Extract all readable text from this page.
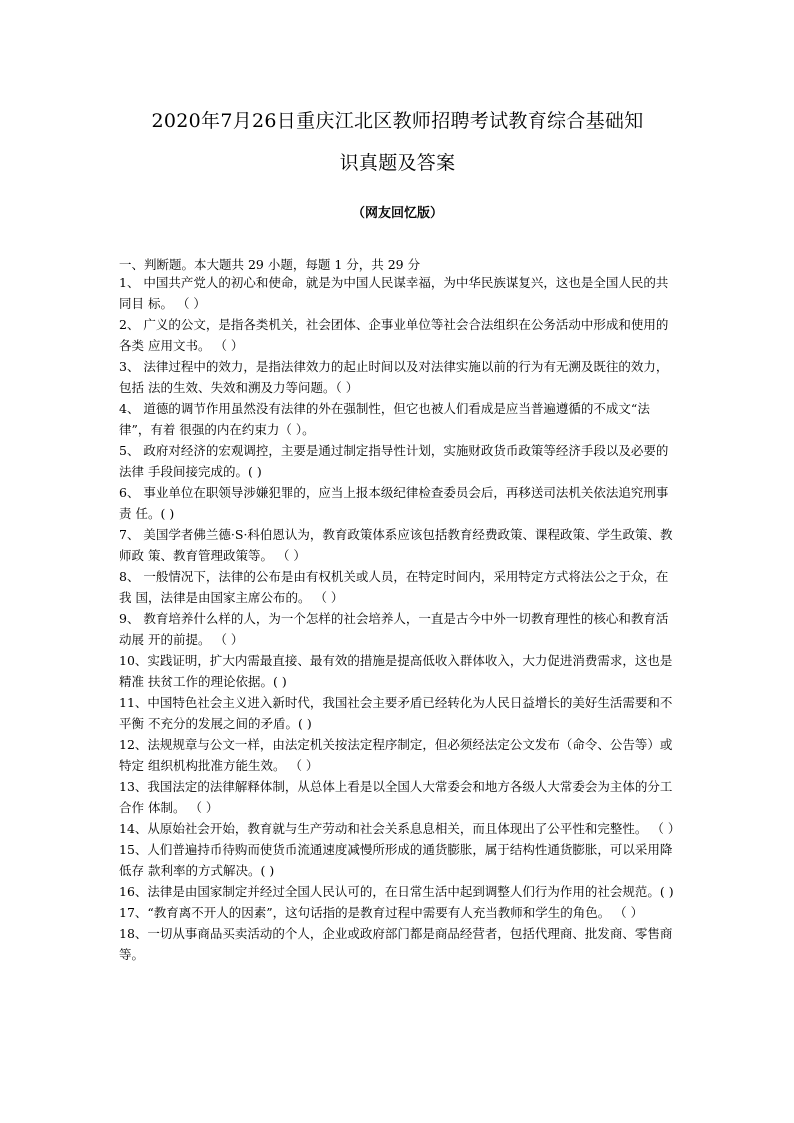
2020年7月26日重庆江北区教师招聘考试教育综合基础知
识真题及答案
（网友回忆版）
一、判断题。本大题共 29 小题，每题 1 分，共 29 分

1、 中国共产党人的初心和使命，就是为中国人民谋幸福，为中华民族谋复兴，这也是全国人民的共同目 标。 （ ）

2、 广义的公文，是指各类机关，社会团体、企事业单位等社会合法组织在公务活动中形成和使用的各类 应用文书。 （ ）

3、 法律过程中的效力，是指法律效力的起止时间以及对法律实施以前的行为有无溯及既往的效力，包括 法的生效、失效和溯及力等问题。（ ）

4、 道德的调节作用虽然没有法律的外在强制性，但它也被人们看成是应当普遍遵循的不成文“法律”，有着 很强的内在约束力（ ）。

5、 政府对经济的宏观调控，主要是通过制定指导性计划，实施财政货币政策等经济手段以及必要的法律 手段间接完成的。( )

6、 事业单位在职领导涉嫌犯罪的，应当上报本级纪律检查委员会后，再移送司法机关依法追究刑事责 任。( )

7、 美国学者佛兰德·S·科伯恩认为，教育政策体系应该包括教育经费政策、课程政策、学生政策、教师政 策、教育管理政策等。 （ ）

8、 一般情况下，法律的公布是由有权机关或人员，在特定时间内，采用特定方式将法公之于众，在我 国，法律是由国家主席公布的。 （ ）

9、 教育培养什么样的人，为一个怎样的社会培养人，一直是古今中外一切教育理性的核心和教育活动展 开的前提。 （ ）

10、实践证明，扩大内需最直接、最有效的措施是提高低收入群体收入，大力促进消费需求，这也是精准 扶贫工作的理论依据。( )

11、中国特色社会主义进入新时代，我国社会主要矛盾已经转化为人民日益增长的美好生活需要和不平衡 不充分的发展之间的矛盾。( )

12、法规规章与公文一样，由法定机关按法定程序制定，但必须经法定公文发布（命令、公告等）或特定 组织机构批准方能生效。 （ ）

13、我国法定的法律解释体制，从总体上看是以全国人大常委会和地方各级人大常委会为主体的分工合作 体制。 （ ）

14、从原始社会开始，教育就与生产劳动和社会关系息息相关，而且体现出了公平性和完整性。 （ ）

15、人们普遍持币待购而使货币流通速度减慢所形成的通货膨胀，属于结构性通货膨胀，可以采用降低存 款利率的方式解决。( )

16、法律是由国家制定并经过全国人民认可的，在日常生活中起到调整人们行为作用的社会规范。( )

17、“教育离不开人的因素”，这句话指的是教育过程中需要有人充当教师和学生的角色。 （ ）

18、一切从事商品买卖活动的个人，企业或政府部门都是商品经营者，包括代理商、批发商、零售商等。
